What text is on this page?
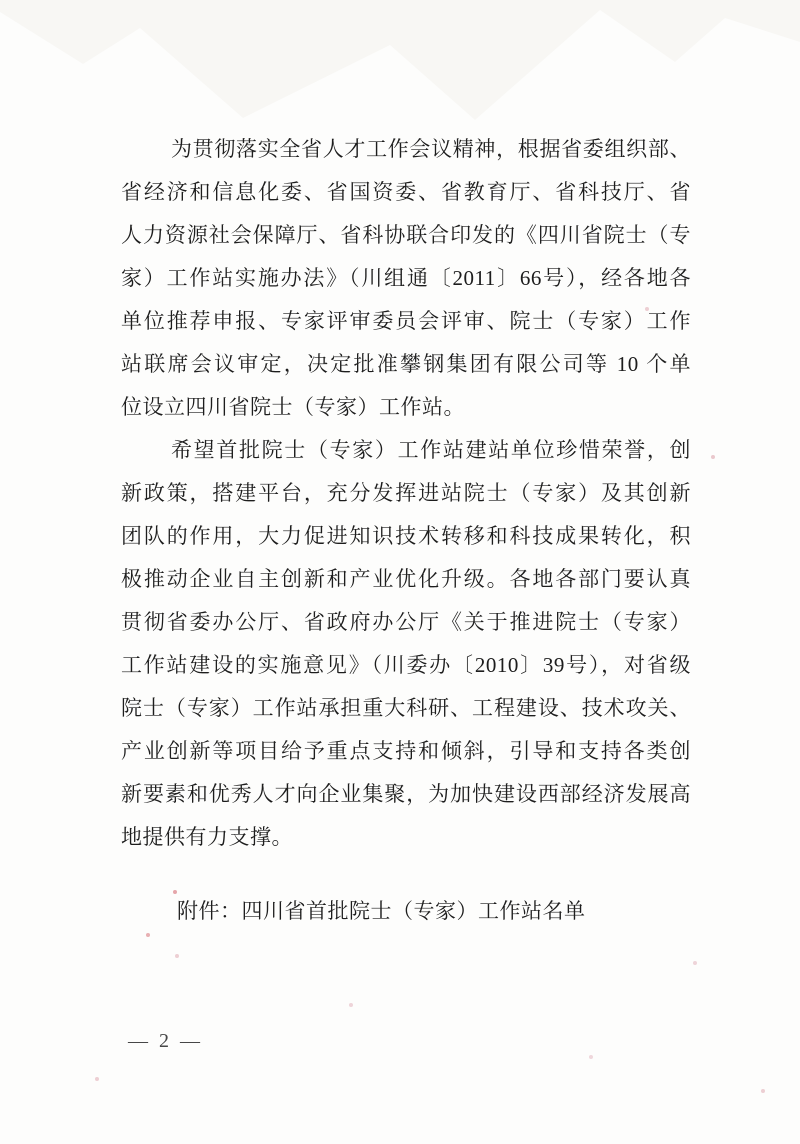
为贯彻落实全省人才工作会议精神，根据省委组织部、
省经济和信息化委、省国资委、省教育厅、省科技厅、省
人力资源社会保障厅、省科协联合印发的《四川省院士（专
家）工作站实施办法》（川组通〔2011〕66号），经各地各
单位推荐申报、专家评审委员会评审、院士（专家）工作
站联席会议审定，决定批准攀钢集团有限公司等 10 个单
位设立四川省院士（专家）工作站。
希望首批院士（专家）工作站建站单位珍惜荣誉，创
新政策，搭建平台，充分发挥进站院士（专家）及其创新
团队的作用，大力促进知识技术转移和科技成果转化，积
极推动企业自主创新和产业优化升级。各地各部门要认真
贯彻省委办公厅、省政府办公厅《关于推进院士（专家）
工作站建设的实施意见》（川委办〔2010〕39号），对省级
院士（专家）工作站承担重大科研、工程建设、技术攻关、
产业创新等项目给予重点支持和倾斜，引导和支持各类创
新要素和优秀人才向企业集聚，为加快建设西部经济发展高
地提供有力支撑。
附件：四川省首批院士（专家）工作站名单
— 2 —
